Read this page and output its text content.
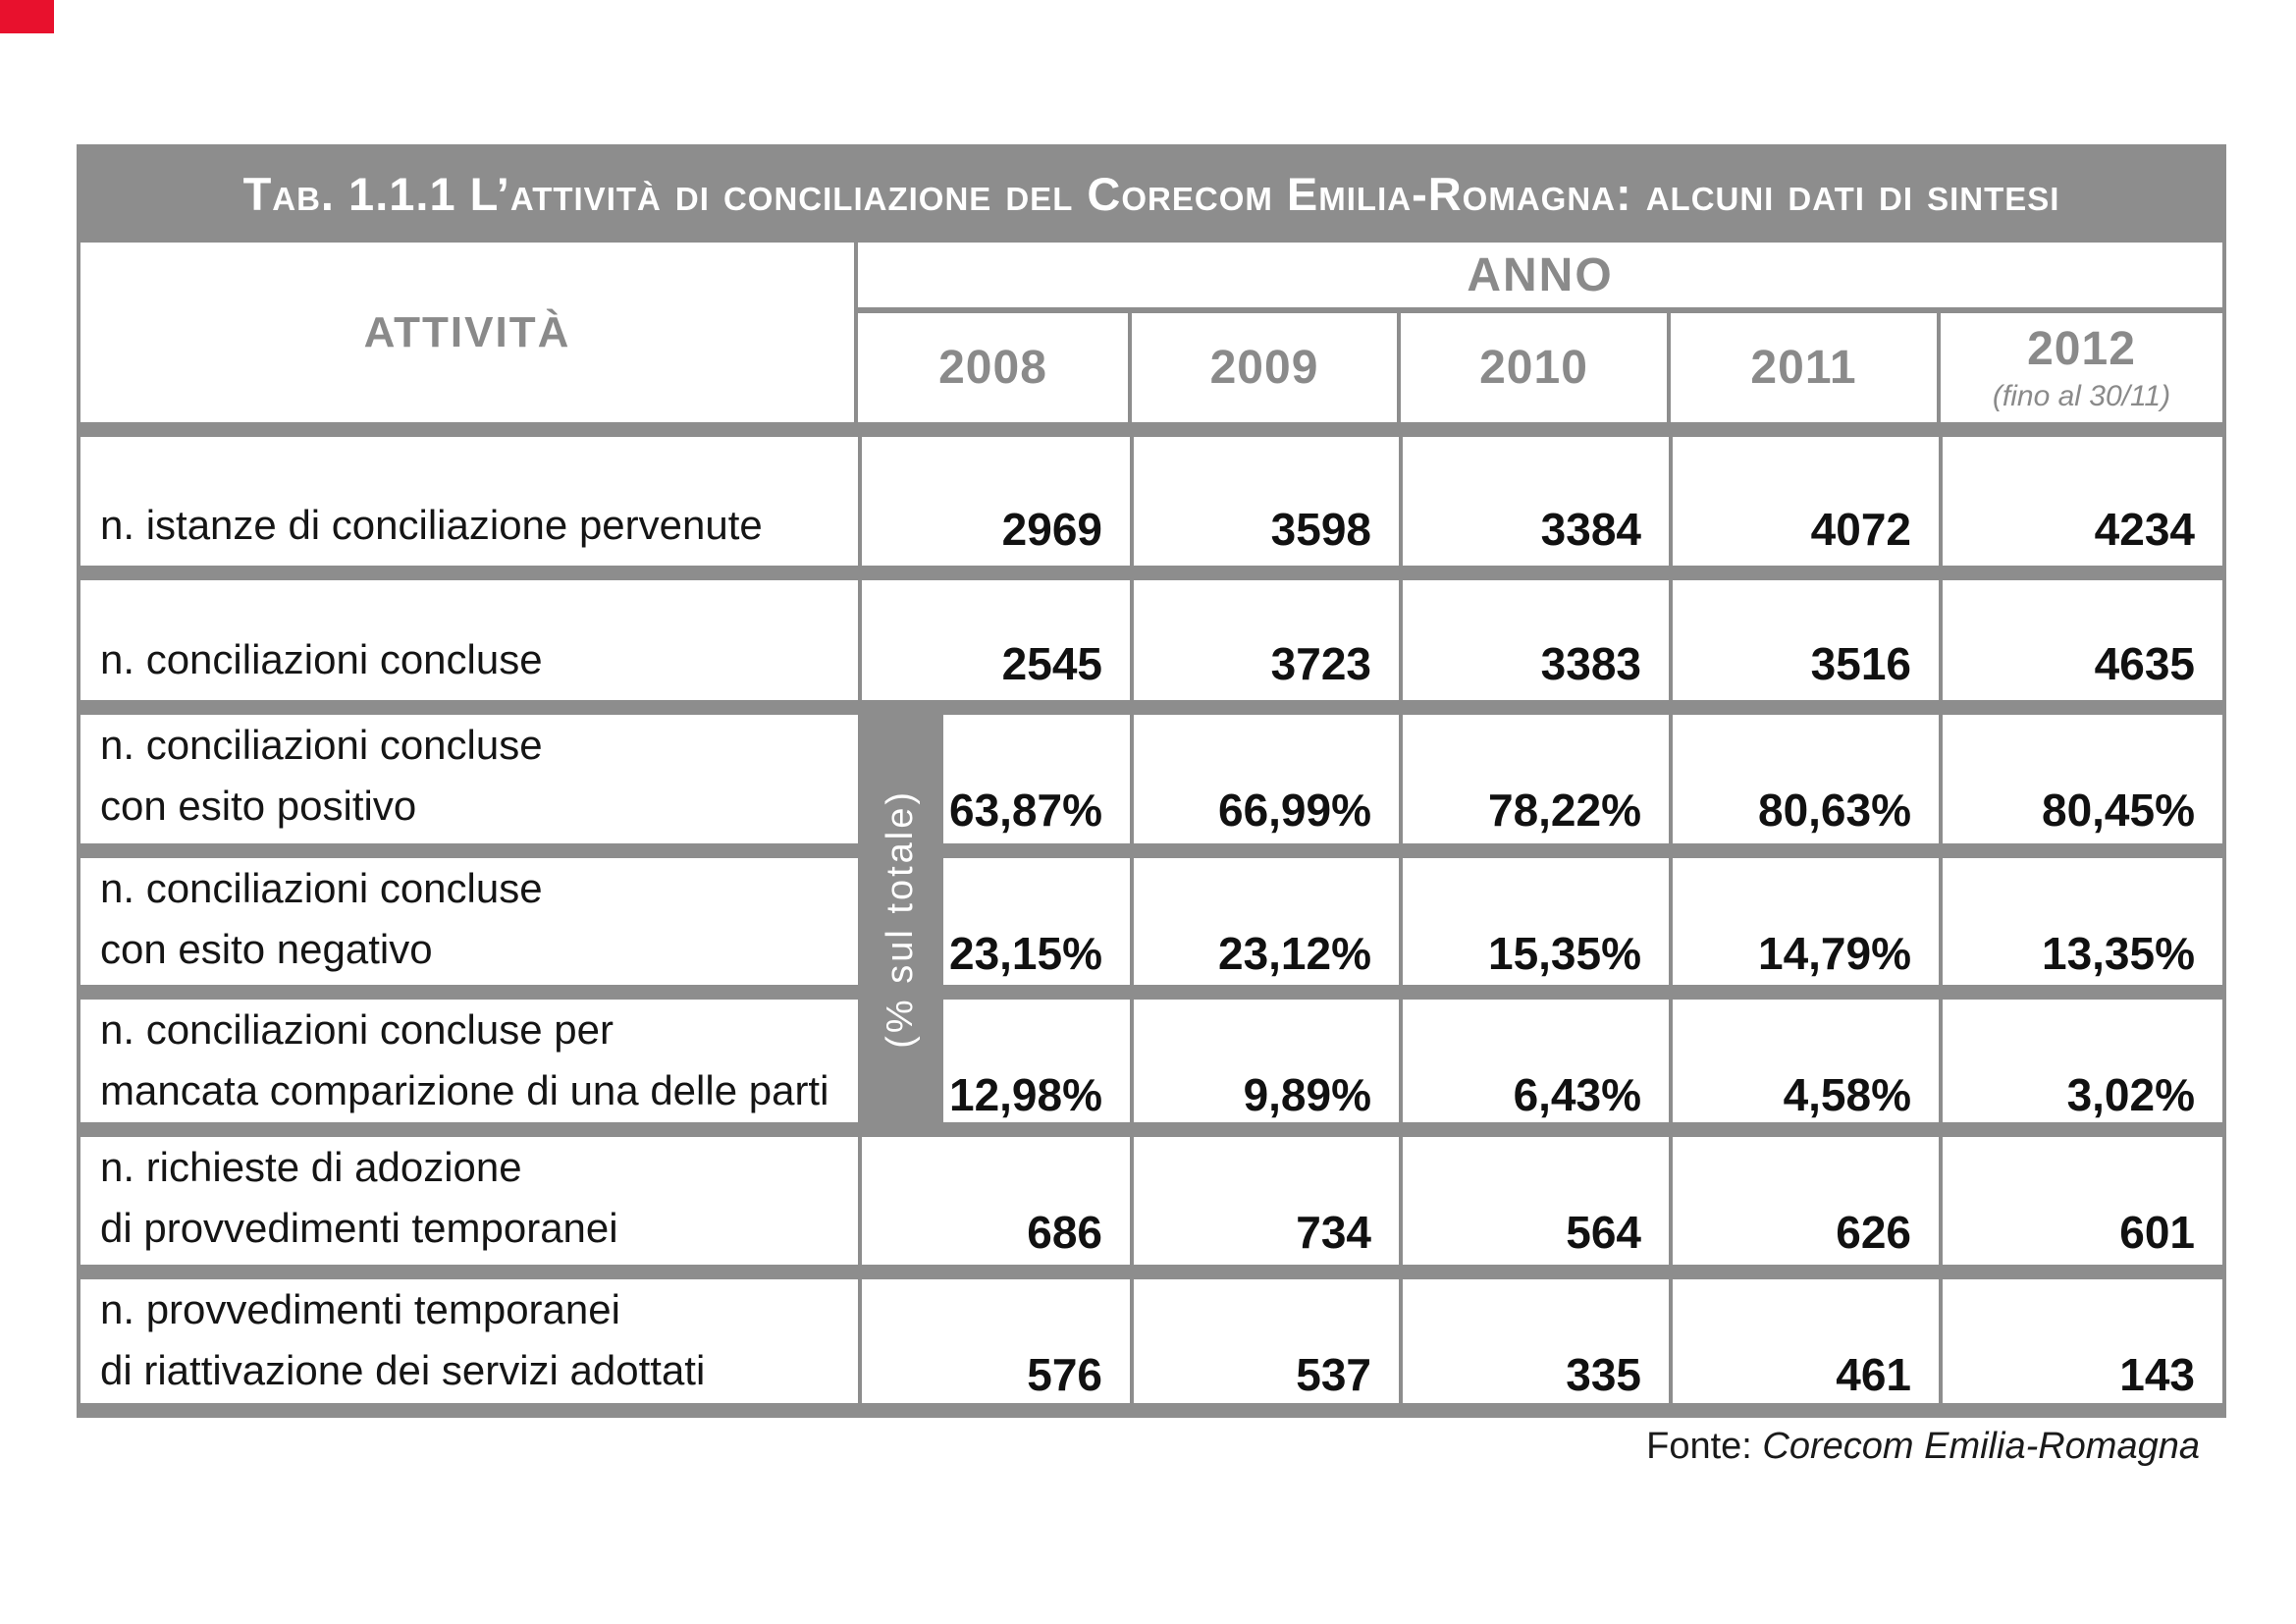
Tab. 1.1.1 L’attività di conciliazione del Corecom Emilia-Romagna: alcuni dati di sintesi
ATTIVITÀ
ANNO
2008	2009	2010	2011	2012
(fino al 30/11)
n. istanze di conciliazione pervenute	2969	3598	3384	4072	4234
n. conciliazioni concluse	2545	3723	3383	3516	4635
n. conciliazioni concluse
con esito positivo	63,87%	66,99%	78,22%	80,63%	80,45%
n. conciliazioni concluse
con esito negativo	23,15%	23,12%	15,35%	14,79%	13,35%
n. conciliazioni concluse per
mancata comparizione di una delle parti	12,98%	9,89%	6,43%	4,58%	3,02%
n. richieste di adozione
di provvedimenti temporanei	686	734	564	626	601
n. provvedimenti temporanei
di riattivazione dei servizi adottati	576	537	335	461	143
(% sul totale)
Fonte: Corecom Emilia-Romagna
